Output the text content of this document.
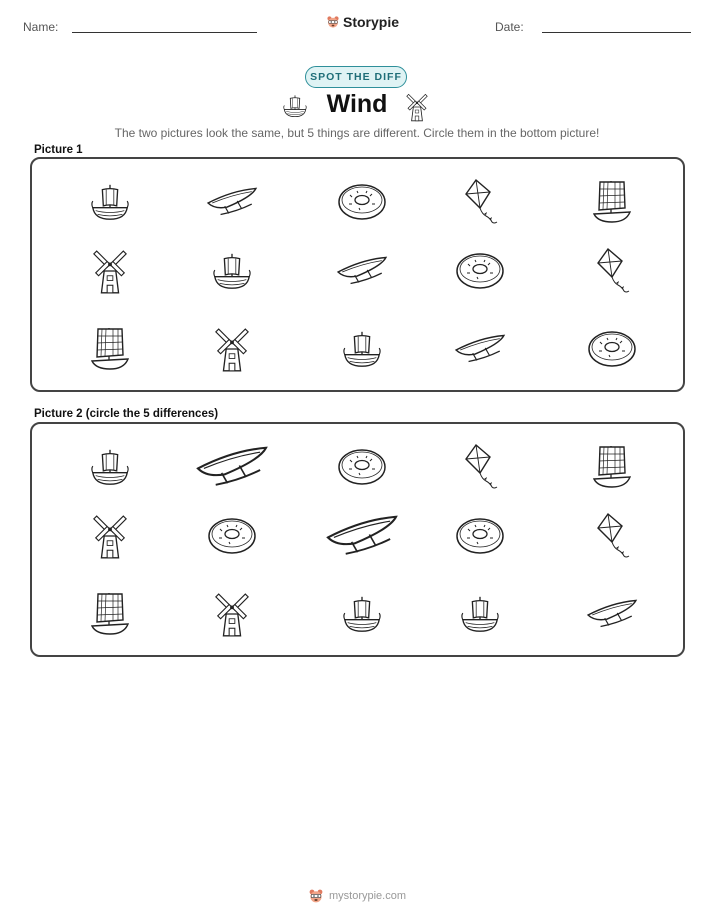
Name:	Storypie	Date:
SPOT THE DIFF
Wind
The two pictures look the same, but 5 things are different. Circle them in the bottom picture!
Picture 1
Picture 2 (circle the 5 differences)
mystorypie.com
